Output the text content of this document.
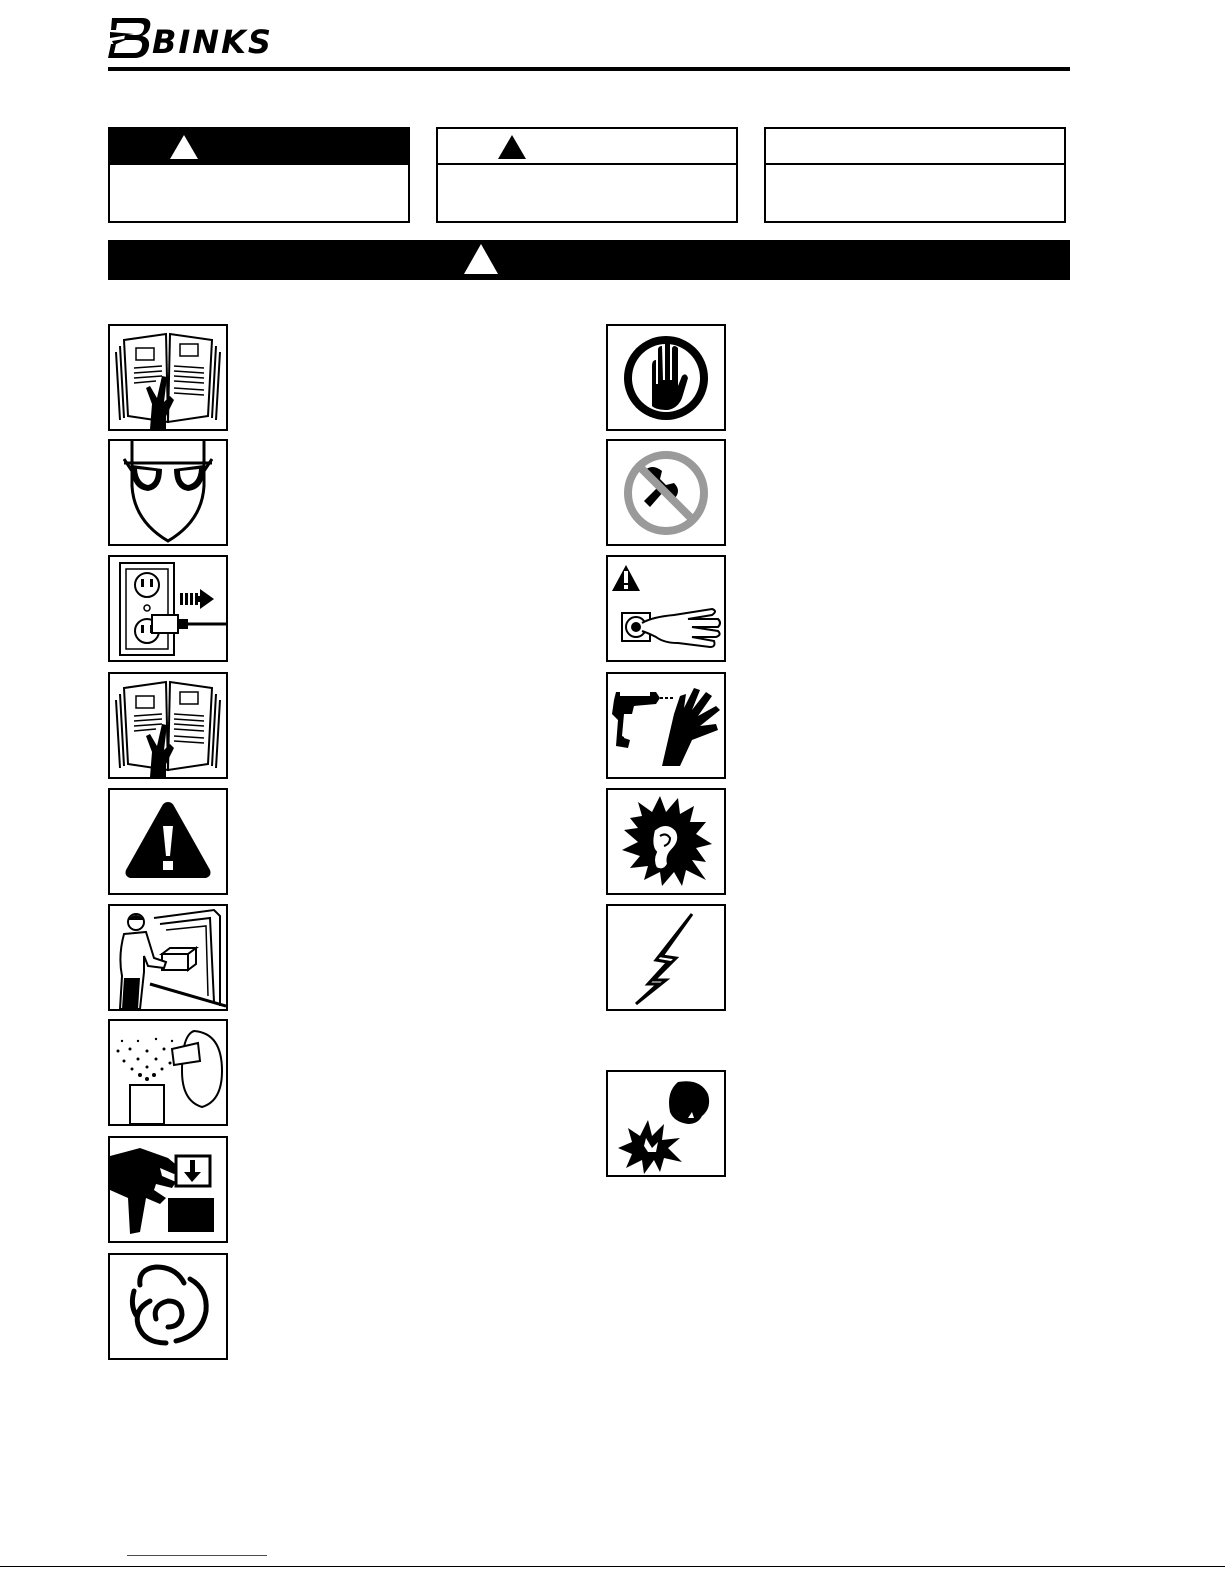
BINKS
